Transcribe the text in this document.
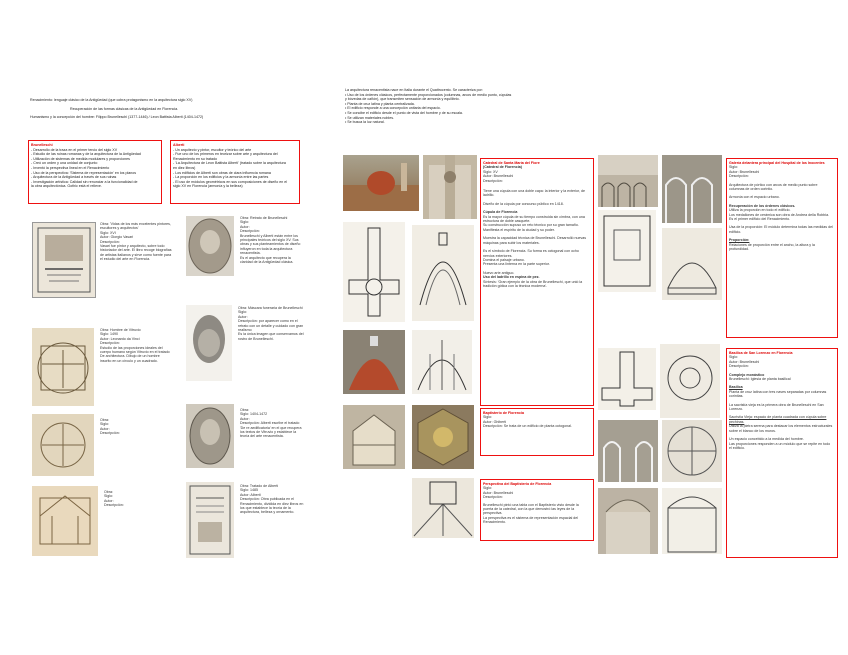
Renacimiento: lenguaje clásico de la Antigüedad (que cobra protagonismo en la arquitectura siglo XV)
Recuperación de las formas clásicas de la Antigüedad en Florencia.
Humanismo y la concepción del hombre: Filippo Brunelleschi (1377-1446) / Leon Battista Alberti (1404-1472)
Brunelleschi
- Desarrollo de la traza en el primer tercio del siglo XV
- Estudio de las ruinas romanas y de la arquitectura de la Antigüedad
- Utilización de sistemas de medida modulares y proporciones
- Creó un orden y una unidad de conjunto
- Inventó la perspectiva lineal en el Renacimiento
- Uso de la perspectiva: 'Sistema de representación' en los planos
- Arquitectura de la Antigüedad a través de sus ruinas
- Investigación artística: Calidad sin renunciar a la funcionalidad de
la obra arquitectónica. Gothic está el relieve.
Alberti
- Un arquitecto y pintor, escultor y teórico del arte
- Fue uno de los primeros en teorizar sobre arte y arquitectura del
Renacimiento en su tratado
- 'La Arquitectura de Leon Battista Alberti' (tratado sobre la arquitectura
en diez libros)
- Los edificios de Alberti son obras de clara influencia romana
- La proporción en los edificios y la armonía entre las partes
- El uso de módulos geométricos en sus composiciones de diseño en el
siglo XV en Florencia (armonía y la belleza)
Obra: 'Vidas de los más excelentes pintores, escultores y arquitectos'
Siglo: XVI
Autor: Giorgio Vasari
Descripción:
Vasari fue pintor y arquitecto, sobre todo historiador del arte. El libro recoge biografías de artistas italianos y sirve como fuente para el estudio del arte en Florencia.
Obra: Retrato de Brunelleschi
Siglo:
Autor:
Descripción:
Brunelleschi y Alberti están entre los principales teóricos del siglo XV. Sus obras y sus planteamientos de diseño influyeron en toda la arquitectura renacentista.
Es el arquitecto que recupera la claridad de la Antigüedad clásica.
Obra: Hombre de Vitruvio
Siglo: 1490
Autor: Leonardo da Vinci
Descripción:
Estudio de las proporciones ideales del cuerpo humano según Vitruvio en el tratado De architectura. Dibujo de un hombre inscrito en un círculo y un cuadrado.
Obra: Máscara funeraria de Brunelleschi
Siglo:
Autor:
Descripción: por aparecer como en el retrato con un detalle y cuidado con gran realismo
Es la única imagen que conservamos del rostro de Brunelleschi.
Obra:
Siglo:
Autor:
Descripción:
Obra:
Siglo: 1404-1472
Autor:
Descripción: Alberti escribe el tratado 'De re aedificatoria' en el que recupera los textos de Vitruvio y establece la teoría del arte renacentista.
Obra:
Siglo:
Autor:
Descripción:
Obra: Tratado de Alberti
Siglo: 1485
Autor: Alberti
Descripción: Obra publicada en el Renacimiento, dividida en diez libros en los que establece la teoría de la arquitectura, belleza y ornamento.
La arquitectura renacentista nace en Italia durante el Quattrocento. Se caracteriza por:
• Uso de los órdenes clásicos, perfectamente proporcionados (columnas, arcos de medio punto, cúpulas
y bóvedas de cañón), que transmiten sensación de armonía y equilibrio.
• Planta de cruz latina y planta centralizada.
• El edificio responde a una concepción unitaria del espacio.
• Se concibe el edificio desde el punto de vista del hombre y de su escala.
• Se utilizan materiales nobles.
• Se busca la luz natural.
Catedral de Santa María del Fiore
(Catedral de Florencia)
Siglo: XV
Autor: Brunelleschi
Descripción:
Tiene una cúpula con una doble capa: la interior y la exterior, de ladrillo.
Diseño de la cúpula por concurso público en 1418.
Cúpula de Florencia
Es la mayor cúpula de su tiempo construida sin cimbra, con una estructura de doble casquete.
Su construcción supuso un reto técnico por su gran tamaño.
Manifiesta el espíritu de la ciudad y su poder.
Muestra la capacidad técnica de Brunelleschi. Desarrolló nuevas máquinas para subir los materiales.
Es el símbolo de Florencia. Su forma es octogonal con ocho nervios exteriores.
Domina el paisaje urbano.
Presenta una linterna en la parte superior.
Nuevo arte antiguo.
Uso del ladrillo en espina de pez.
Síntesis: 'Gran ejemplo de la obra de Brunelleschi, que unió la tradición gótica con la técnica moderna'.
Baptisterio de Florencia
Siglo:
Autor: Ghiberti
Descripción: Se trata de un edificio de planta octogonal.
Perspectiva del Baptisterio de Florencia
Siglo:
Autor: Brunelleschi
Descripción:
Brunelleschi pintó una tabla con el Baptisterio visto desde la puerta de la catedral, con la que demostró las leyes de la perspectiva.
La perspectiva es el sistema de representación espacial del Renacimiento.
Galería delantera principal del Hospital de los Inocentes
Siglo:
Autor: Brunelleschi
Descripción:
Arquitectura de pórtico con arcos de medio punto sobre columnas de orden corintio.
Armonía con el espacio urbano.
Recuperación de los órdenes clásicos.
Utiliza la proporción en todo el edificio.
Los medallones de cerámica son obra de Andrea della Robbia.
Es el primer edificio del Renacimiento.
Usa de la proporción: El módulo determina todas las medidas del edificio.
Proporción:
Relaciones de proporción entre el ancho, la altura y la profundidad.
Basílica de San Lorenzo en Florencia
Siglo:
Autor: Brunelleschi
Descripción:
Complejo monástico
Brunelleschi: Iglesia de planta basilical
Basílica
Planta de cruz latina con tres naves separadas por columnas corintias.
La sacristía vieja es la primera obra de Brunelleschi en San Lorenzo.
Sacristía Vieja: espacio de planta cuadrada con cúpula sobre pechinas.
Utiliza la pietra serena para destacar los elementos estructurales sobre el blanco de los muros.
Un espacio concebido a la medida del hombre.
Las proporciones responden a un módulo que se repite en todo el edificio.
